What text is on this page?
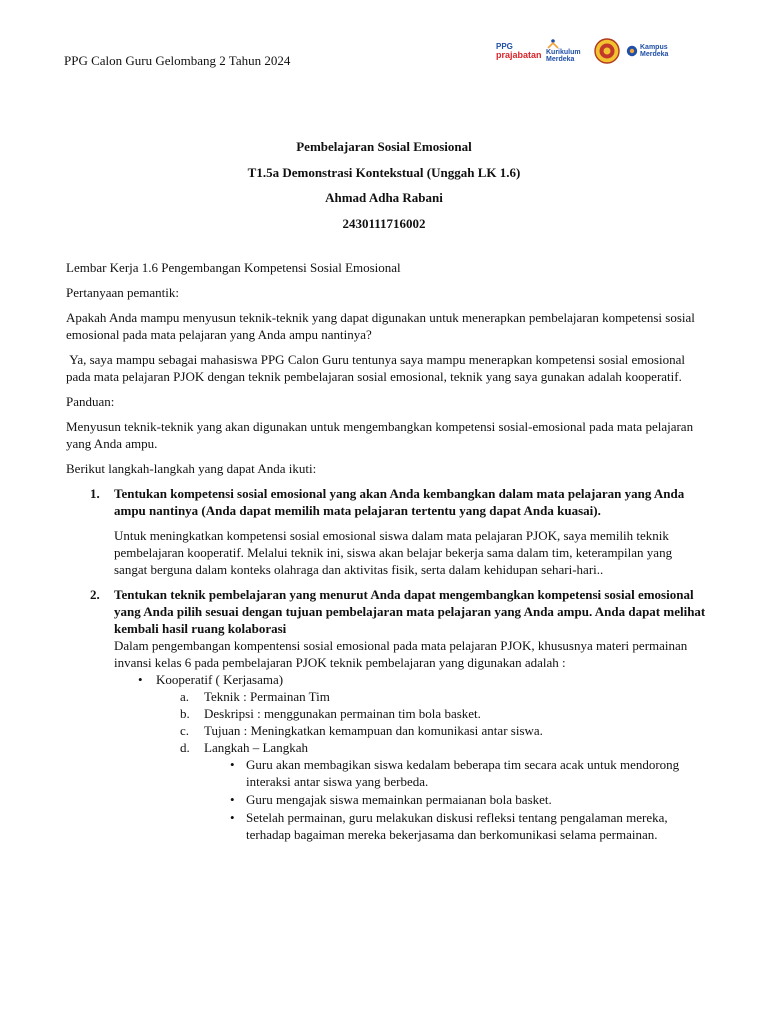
PPG Calon Guru Gelombang 2 Tahun 2024
PPG
prajabatan Kurikulum
Merdeka
Kampus
Merdeka
Pembelajaran Sosial Emosional
T1.5a Demonstrasi Kontekstual (Unggah LK 1.6)
Ahmad Adha Rabani
2430111716002

Lembar Kerja 1.6 Pengembangan Kompetensi Sosial Emosional

Pertanyaan pemantik:

Apakah Anda mampu menyusun teknik-teknik yang dapat digunakan untuk menerapkan pembelajaran kompetensi sosial emosional pada mata pelajaran yang Anda ampu nantinya?

Ya, saya mampu sebagai mahasiswa PPG Calon Guru tentunya saya mampu menerapkan kompetensi sosial emosional pada mata pelajaran PJOK dengan teknik pembelajaran sosial emosional, teknik yang saya gunakan adalah kooperatif.

Panduan:

Menyusun teknik-teknik yang akan digunakan untuk mengembangkan kompetensi sosial-emosional pada mata pelajaran yang Anda ampu.

Berikut langkah-langkah yang dapat Anda ikuti:

1. Tentukan kompetensi sosial emosional yang akan Anda kembangkan dalam mata pelajaran yang Anda ampu nantinya (Anda dapat memilih mata pelajaran tertentu yang dapat Anda kuasai).
Untuk meningkatkan kompetensi sosial emosional siswa dalam mata pelajaran PJOK, saya memilih teknik pembelajaran kooperatif. Melalui teknik ini, siswa akan belajar bekerja sama dalam tim, keterampilan yang sangat berguna dalam konteks olahraga dan aktivitas fisik, serta dalam kehidupan sehari-hari..
2. Tentukan teknik pembelajaran yang menurut Anda dapat mengembangkan kompetensi sosial emosional yang Anda pilih sesuai dengan tujuan pembelajaran mata pelajaran yang Anda ampu. Anda dapat melihat kembali hasil ruang kolaborasi
Dalam pengembangan kompentensi sosial emosional pada mata pelajaran PJOK, khususnya materi permainan invansi kelas 6 pada pembelajaran PJOK teknik pembelajaran yang digunakan adalah :
• Kooperatif ( Kerjasama)
a. Teknik : Permainan Tim
b. Deskripsi : menggunakan permainan tim bola basket.
c. Tujuan : Meningkatkan kemampuan dan komunikasi antar siswa.
d. Langkah – Langkah
• Guru akan membagikan siswa kedalam beberapa tim secara acak untuk mendorong interaksi antar siswa yang berbeda.
• Guru mengajak siswa memainkan permaianan bola basket.
• Setelah permainan, guru melakukan diskusi refleksi tentang pengalaman mereka, terhadap bagaiman mereka bekerjasama dan berkomunikasi selama permainan.
